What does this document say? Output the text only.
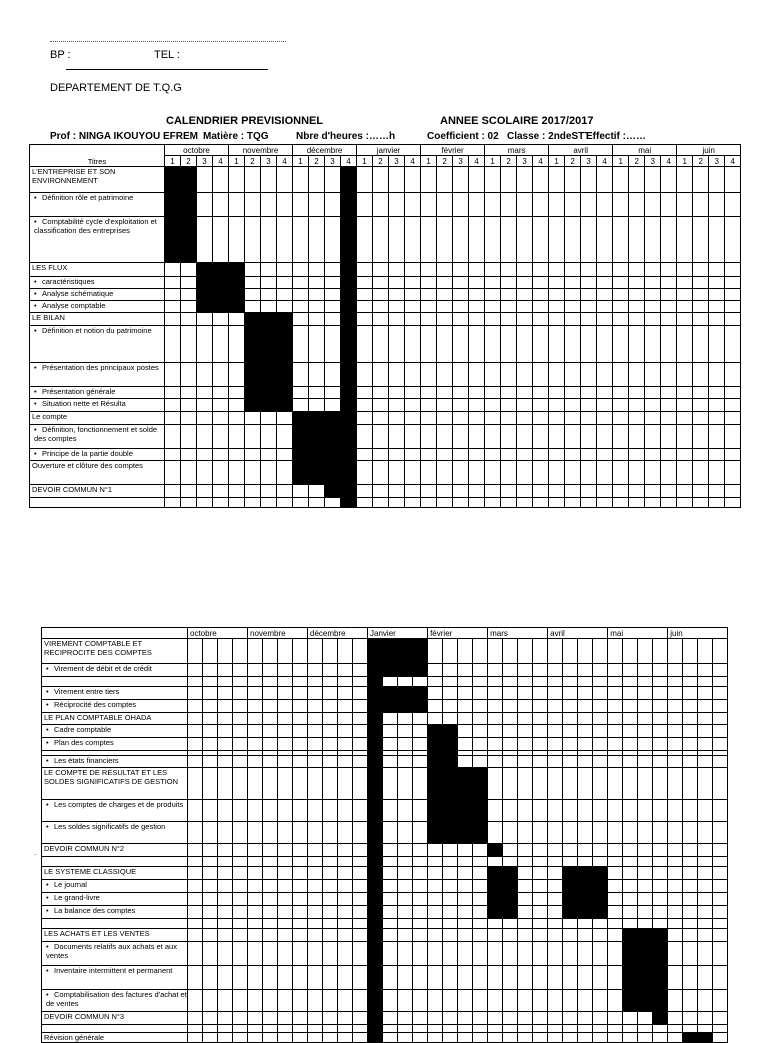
BP :	TEL :
DEPARTEMENT DE T.Q.G
CALENDRIER PREVISIONNEL	ANNEE SCOLAIRE 2017/2017
Prof : NINGA IKOUYOU EFREM Matière : TQG	Nbre d'heures :……h	Coefficient : 02 Classe : 2ndeSTT
Effectif :……
Titres	octobre				novembre				décembre				janvier				février				mars				avril				mai				juin			
	1	2	3	4	1	2	3	4	1	2	3	4	1	2	3	4	1	2	3	4	1	2	3	4	1	2	3	4	1	2	3	4	1	2	3	4
L'ENTREPRISE ET SON ENVIRONNEMENT																																				
• Définition rôle et patrimoine																																				
• Comptabilité cycle d'exploitation et classification des entreprises																																				
LES FLUX																																				
• caractéristiques																																				
• Analyse schématique																																				
• Analyse comptable																																				
LE BILAN																																				
• Définition et notion du patrimoine																																				
• Présentation des principaux postes																																				
• Présentation générale																																				
• Situation nette et Résulta																																				
Le compte																																				
• Définition, fonctionnement et solde des comptes																																				
• Principe de la partie double																																				
Ouverture et clôture des comptes																																				
DEVOIR COMMUN N°1																																				

	octobre				novembre				décembre				Janvier				février				mars				avril				mai				juin			
VIREMENT COMPTABLE ET RECIPROCITE DES COMPTES																																				
• Virement de débit et de crédit																																				

• Virement entre tiers																																				
• Réciprocité des comptes																																				
LE PLAN COMPTABLE OHADA																																				
• Cadre comptable																																				
• Plan des comptes																																				

• Les états financiers																																				
LE COMPTE DE RESULTAT ET LES SOLDES SIGNIFICATIFS DE GESTION																																				
• Les comptes de charges et de produits																																				
• Les soldes significatifs de gestion																																				
DEVOIR COMMUN N°2																																				

LE SYSTEME CLASSIQUE																																				
• Le journal																																				
• Le grand-livre																																				
• La balance des comptes																																				

LES ACHATS ET LES VENTES																																				
• Documents relatifs aux achats et aux ventes																																				
• Inventaire intermittent et permanent																																				
• Comptabilisation des factures d'achat et de ventes																																				
DEVOIR COMMUN N°3																																				

Révision générale																																				
.
